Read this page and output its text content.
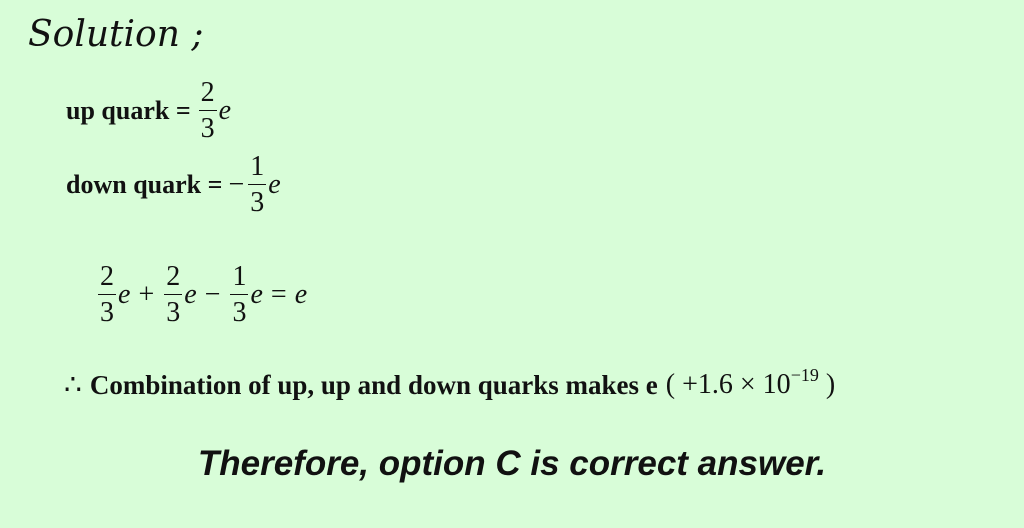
Solution ;
up quark = $\frac{2}{3}$ e
down quark = − $\frac{1}{3}$ e
$\frac{2}{3}$ $e + \frac{2}{3}$ $e - \frac{1}{3}$ e = e
∴ Combination of up, up and down quarks makes e ( $+1.6 \times 10^{-19}$ )
Therefore, option C is correct answer.
